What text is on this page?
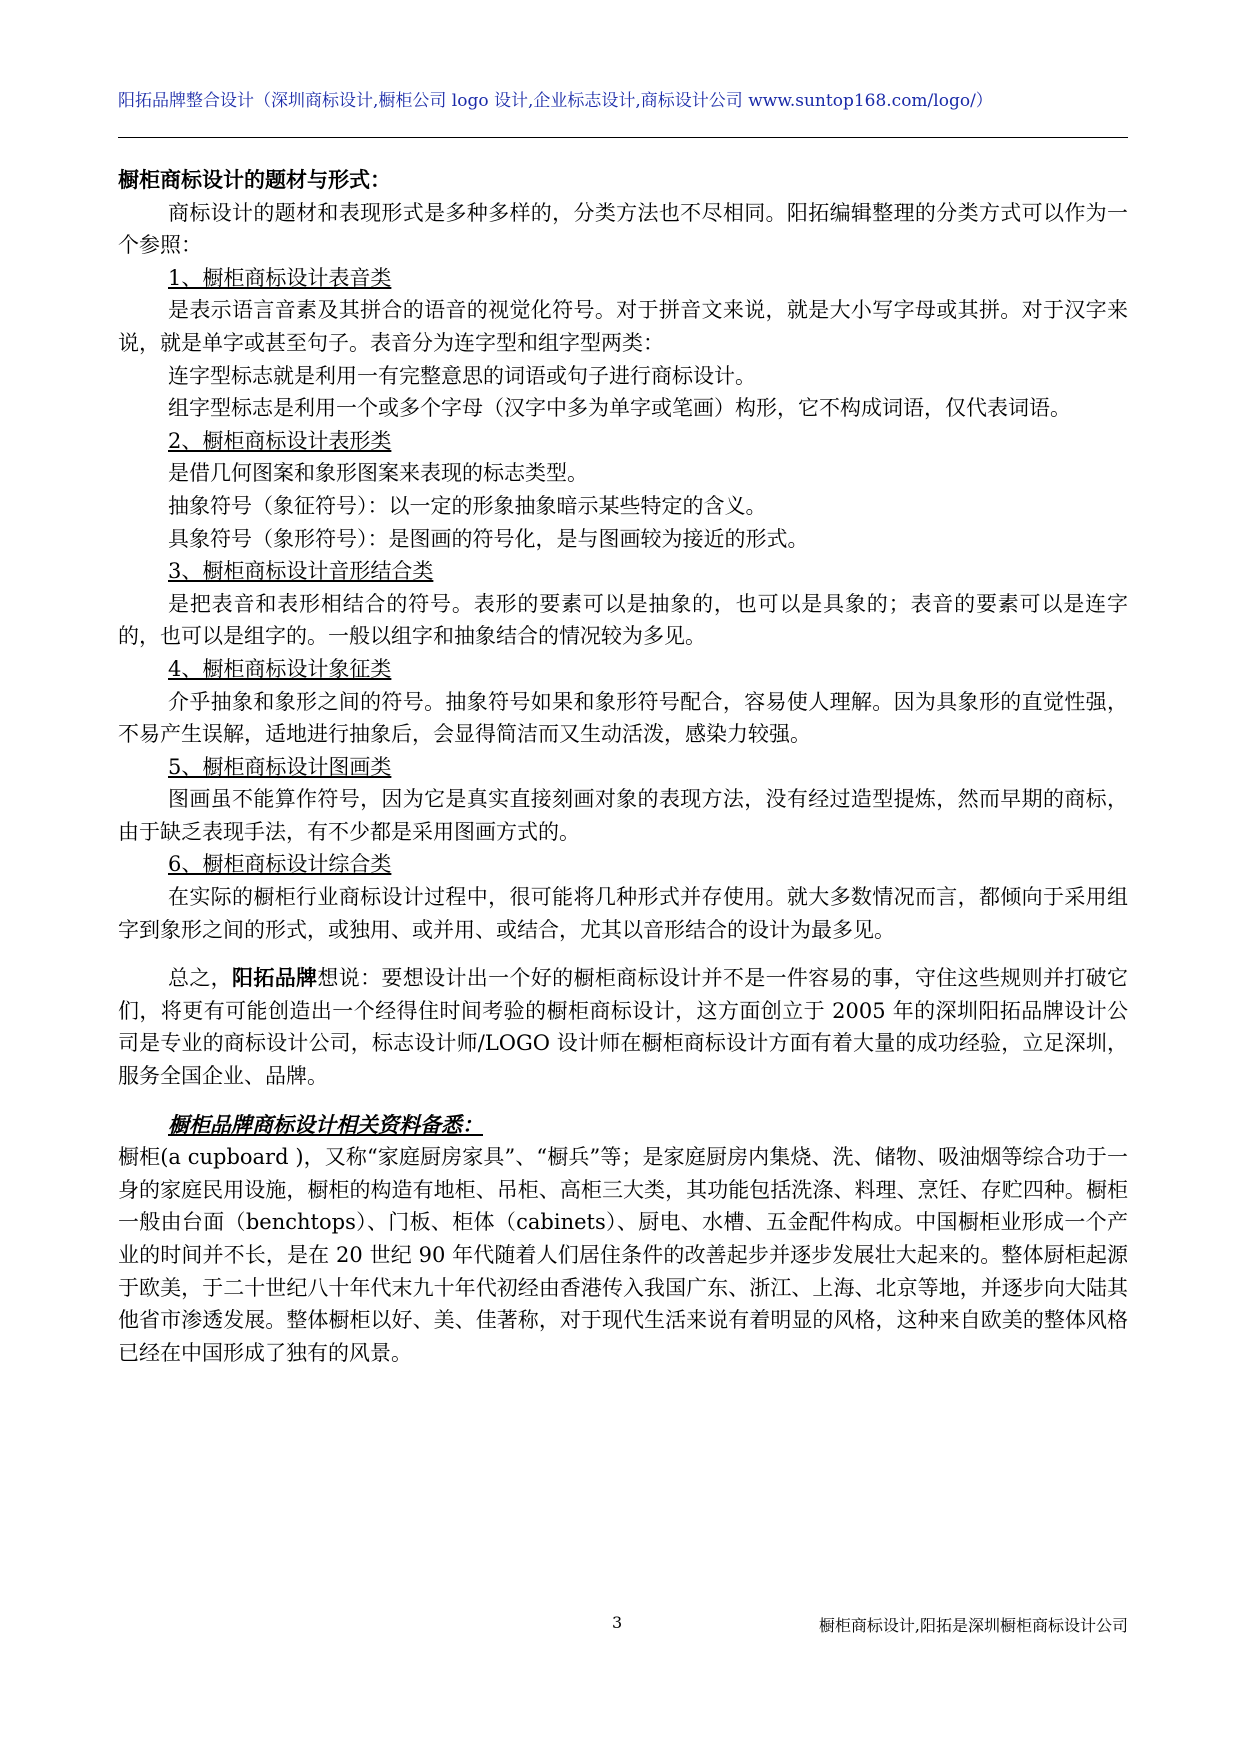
阳拓品牌整合设计（深圳商标设计,橱柜公司 logo 设计,企业标志设计,商标设计公司 www.suntop168.com/logo/）

橱柜商标设计的题材与形式：

商标设计的题材和表现形式是多种多样的，分类方法也不尽相同。阳拓编辑整理的分类方式可以作为一个参照：

1、橱柜商标设计表音类

是表示语言音素及其拼合的语音的视觉化符号。对于拼音文来说，就是大小写字母或其拼。对于汉字来说，就是单字或甚至句子。表音分为连字型和组字型两类：

连字型标志就是利用一有完整意思的词语或句子进行商标设计。

组字型标志是利用一个或多个字母（汉字中多为单字或笔画）构形，它不构成词语，仅代表词语。

2、橱柜商标设计表形类

是借几何图案和象形图案来表现的标志类型。

抽象符号（象征符号）：以一定的形象抽象暗示某些特定的含义。

具象符号（象形符号）：是图画的符号化，是与图画较为接近的形式。

3、橱柜商标设计音形结合类

是把表音和表形相结合的符号。表形的要素可以是抽象的，也可以是具象的；表音的要素可以是连字的，也可以是组字的。一般以组字和抽象结合的情况较为多见。

4、橱柜商标设计象征类

介乎抽象和象形之间的符号。抽象符号如果和象形符号配合，容易使人理解。因为具象形的直觉性强，不易产生误解，适地进行抽象后，会显得简洁而又生动活泼，感染力较强。

5、橱柜商标设计图画类

图画虽不能算作符号，因为它是真实直接刻画对象的表现方法，没有经过造型提炼，然而早期的商标，由于缺乏表现手法，有不少都是采用图画方式的。

6、橱柜商标设计综合类

在实际的橱柜行业商标设计过程中，很可能将几种形式并存使用。就大多数情况而言，都倾向于采用组字到象形之间的形式，或独用、或并用、或结合，尤其以音形结合的设计为最多见。

总之，阳拓品牌想说：要想设计出一个好的橱柜商标设计并不是一件容易的事，守住这些规则并打破它们，将更有可能创造出一个经得住时间考验的橱柜商标设计，这方面创立于 2005 年的深圳阳拓品牌设计公司是专业的商标设计公司，标志设计师/LOGO 设计师在橱柜商标设计方面有着大量的成功经验，立足深圳，服务全国企业、品牌。

橱柜品牌商标设计相关资料备悉：

橱柜(a cupboard )，又称“家庭厨房家具”、“橱兵”等；是家庭厨房内集烧、洗、储物、吸油烟等综合功于一身的家庭民用设施，橱柜的构造有地柜、吊柜、高柜三大类，其功能包括洗涤、料理、烹饪、存贮四种。橱柜一般由台面（benchtops）、门板、柜体（cabinets）、厨电、水槽、五金配件构成。中国橱柜业形成一个产业的时间并不长，是在 20 世纪 90 年代随着人们居住条件的改善起步并逐步发展壮大起来的。整体厨柜起源于欧美，于二十世纪八十年代末九十年代初经由香港传入我国广东、浙江、上海、北京等地，并逐步向大陆其他省市渗透发展。整体橱柜以好、美、佳著称，对于现代生活来说有着明显的风格，这种来自欧美的整体风格已经在中国形成了独有的风景。

3	橱柜商标设计,阳拓是深圳橱柜商标设计公司
